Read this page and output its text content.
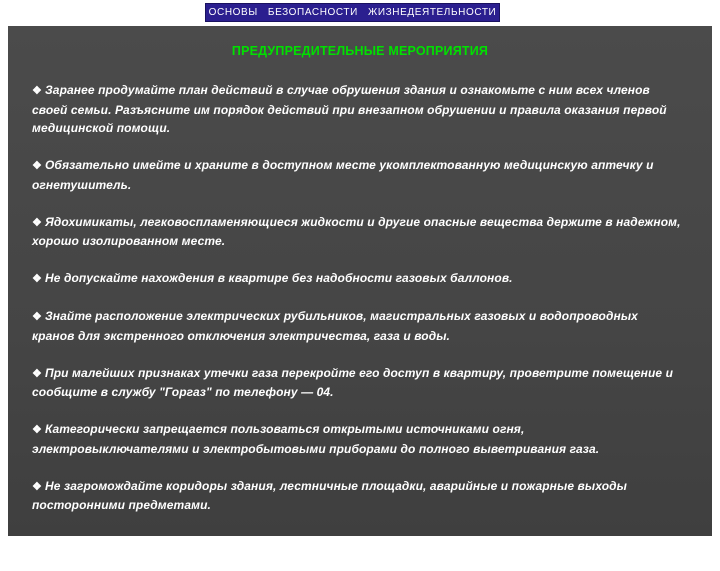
ОСНОВЫ   БЕЗОПАСНОСТИ   ЖИЗНЕДЕЯТЕЛЬНОСТИ
ПРЕДУПРЕДИТЕЛЬНЫЕ МЕРОПРИЯТИЯ
❖ Заранее продумайте план действий в случае обрушения здания и ознакомьте с ним всех членов своей семьи. Разъясните им порядок действий при внезапном обрушении и правила оказания первой медицинской помощи.
❖ Обязательно имейте и храните в доступном месте укомплектованную медицинскую аптечку и огнетушитель.
❖ Ядохимикаты, легковоспламеняющиеся жидкости и другие опасные вещества держите в надежном, хорошо изолированном месте.
❖ Не допускайте нахождения в квартире без надобности газовых баллонов.
❖ Знайте расположение электрических рубильников, магистральных газовых и водопроводных кранов для экстренного отключения электричества, газа и воды.
❖ При малейших признаках утечки газа перекройте его доступ в квартиру, проветрите помещение и сообщите в службу "Горгаз" по телефону — 04.
❖ Категорически запрещается пользоваться открытыми источниками огня, электровыключателями и электробытовыми приборами до полного выветривания газа.
❖ Не загромождайте коридоры здания, лестничные площадки, аварийные и пожарные выходы посторонними предметами.
❖ Держите в удобном месте документы, деньги, карманный фонарик и запасные батарейки.
